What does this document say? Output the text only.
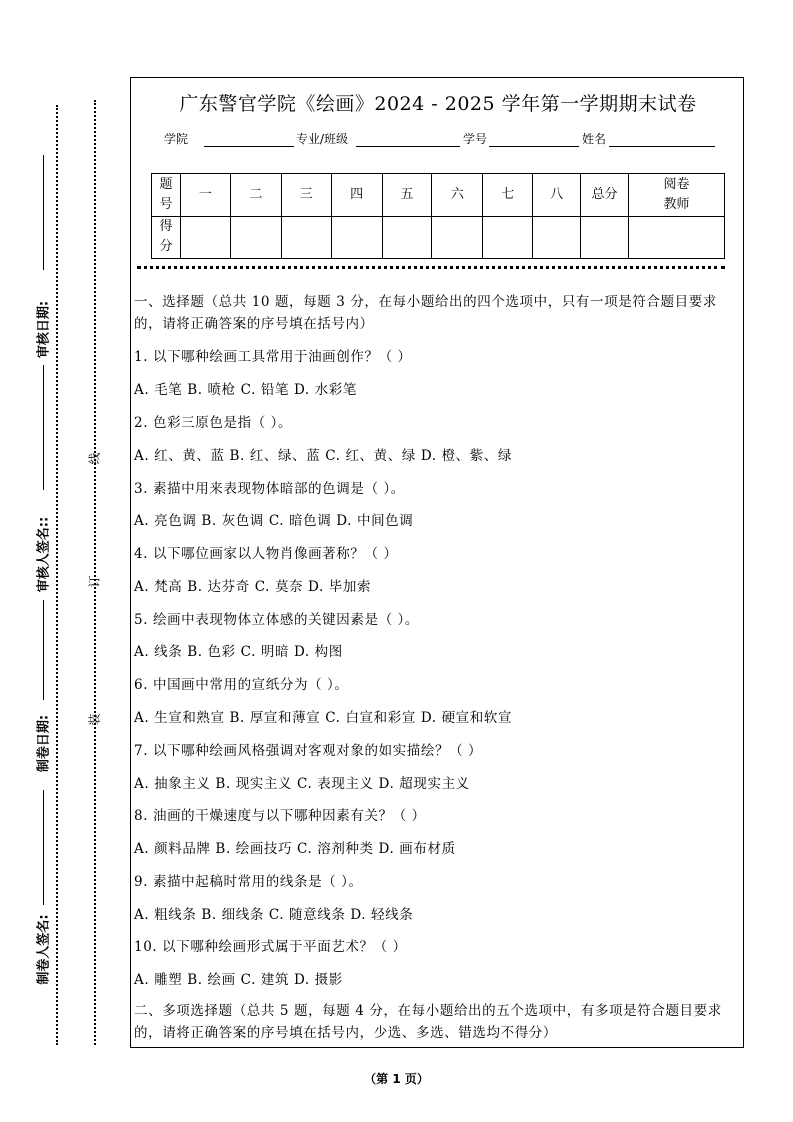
审核日期:
审核人签名::
制卷日期:
制卷人签名:
线
订
装
广东警官学院《绘画》2024 - 2025 学年第一学期期末试卷
学院	专业/班级	学号	姓名
题号	一	二	三	四	五	六	七	八	总分	阅卷教师
得分										
一、选择题（总共 10 题，每题 3 分，在每小题给出的四个选项中，只有一项是符合题目要求的，请将正确答案的序号填在括号内）
1. 以下哪种绘画工具常用于油画创作？（ ）
A. 毛笔 B. 喷枪 C. 铅笔 D. 水彩笔
2. 色彩三原色是指（ ）。
A. 红、黄、蓝 B. 红、绿、蓝 C. 红、黄、绿 D. 橙、紫、绿
3. 素描中用来表现物体暗部的色调是（ ）。
A. 亮色调 B. 灰色调 C. 暗色调 D. 中间色调
4. 以下哪位画家以人物肖像画著称？（ ）
A. 梵高 B. 达芬奇 C. 莫奈 D. 毕加索
5. 绘画中表现物体立体感的关键因素是（ ）。
A. 线条 B. 色彩 C. 明暗 D. 构图
6. 中国画中常用的宣纸分为（ ）。
A. 生宣和熟宣 B. 厚宣和薄宣 C. 白宣和彩宣 D. 硬宣和软宣
7. 以下哪种绘画风格强调对客观对象的如实描绘？（ ）
A. 抽象主义 B. 现实主义 C. 表现主义 D. 超现实主义
8. 油画的干燥速度与以下哪种因素有关？（ ）
A. 颜料品牌 B. 绘画技巧 C. 溶剂种类 D. 画布材质
9. 素描中起稿时常用的线条是（ ）。
A. 粗线条 B. 细线条 C. 随意线条 D. 轻线条
10. 以下哪种绘画形式属于平面艺术？（ ）
A. 雕塑 B. 绘画 C. 建筑 D. 摄影
二、多项选择题（总共 5 题，每题 4 分，在每小题给出的五个选项中，有多项是符合题目要求的，请将正确答案的序号填在括号内，少选、多选、错选均不得分）
（第 1 页）
